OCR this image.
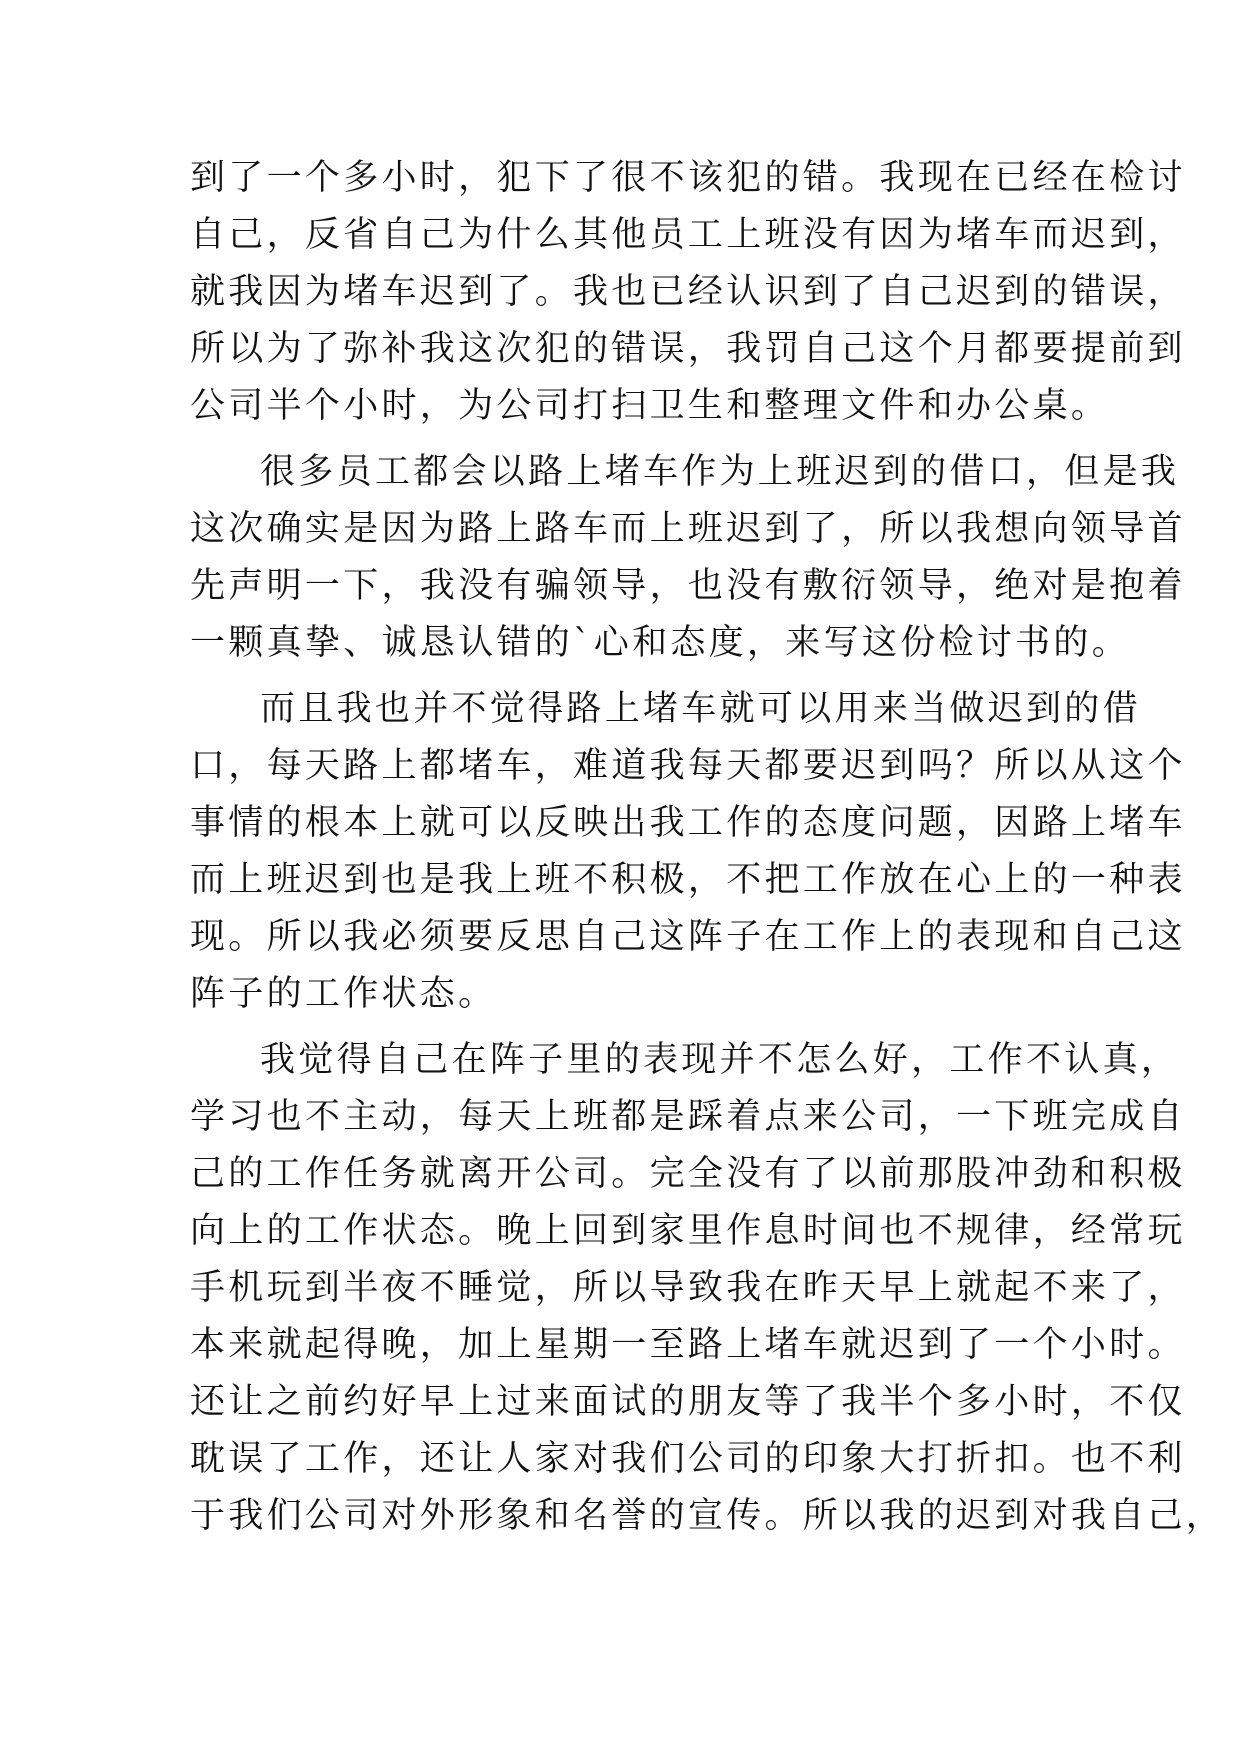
到了一个多小时，犯下了很不该犯的错。我现在已经在检讨
自己，反省自己为什么其他员工上班没有因为堵车而迟到，
就我因为堵车迟到了。我也已经认识到了自己迟到的错误，
所以为了弥补我这次犯的错误，我罚自己这个月都要提前到
公司半个小时，为公司打扫卫生和整理文件和办公桌。
很多员工都会以路上堵车作为上班迟到的借口，但是我
这次确实是因为路上路车而上班迟到了，所以我想向领导首
先声明一下，我没有骗领导，也没有敷衍领导，绝对是抱着
一颗真挚、诚恳认错的`心和态度，来写这份检讨书的。
而且我也并不觉得路上堵车就可以用来当做迟到的借
口，每天路上都堵车，难道我每天都要迟到吗？所以从这个
事情的根本上就可以反映出我工作的态度问题，因路上堵车
而上班迟到也是我上班不积极，不把工作放在心上的一种表
现。所以我必须要反思自己这阵子在工作上的表现和自己这
阵子的工作状态。
我觉得自己在阵子里的表现并不怎么好，工作不认真，
学习也不主动，每天上班都是踩着点来公司，一下班完成自
己的工作任务就离开公司。完全没有了以前那股冲劲和积极
向上的工作状态。晚上回到家里作息时间也不规律，经常玩
手机玩到半夜不睡觉，所以导致我在昨天早上就起不来了，
本来就起得晚，加上星期一至路上堵车就迟到了一个小时。
还让之前约好早上过来面试的朋友等了我半个多小时，不仅
耽误了工作，还让人家对我们公司的印象大打折扣。也不利
于我们公司对外形象和名誉的宣传。所以我的迟到对我自己，
